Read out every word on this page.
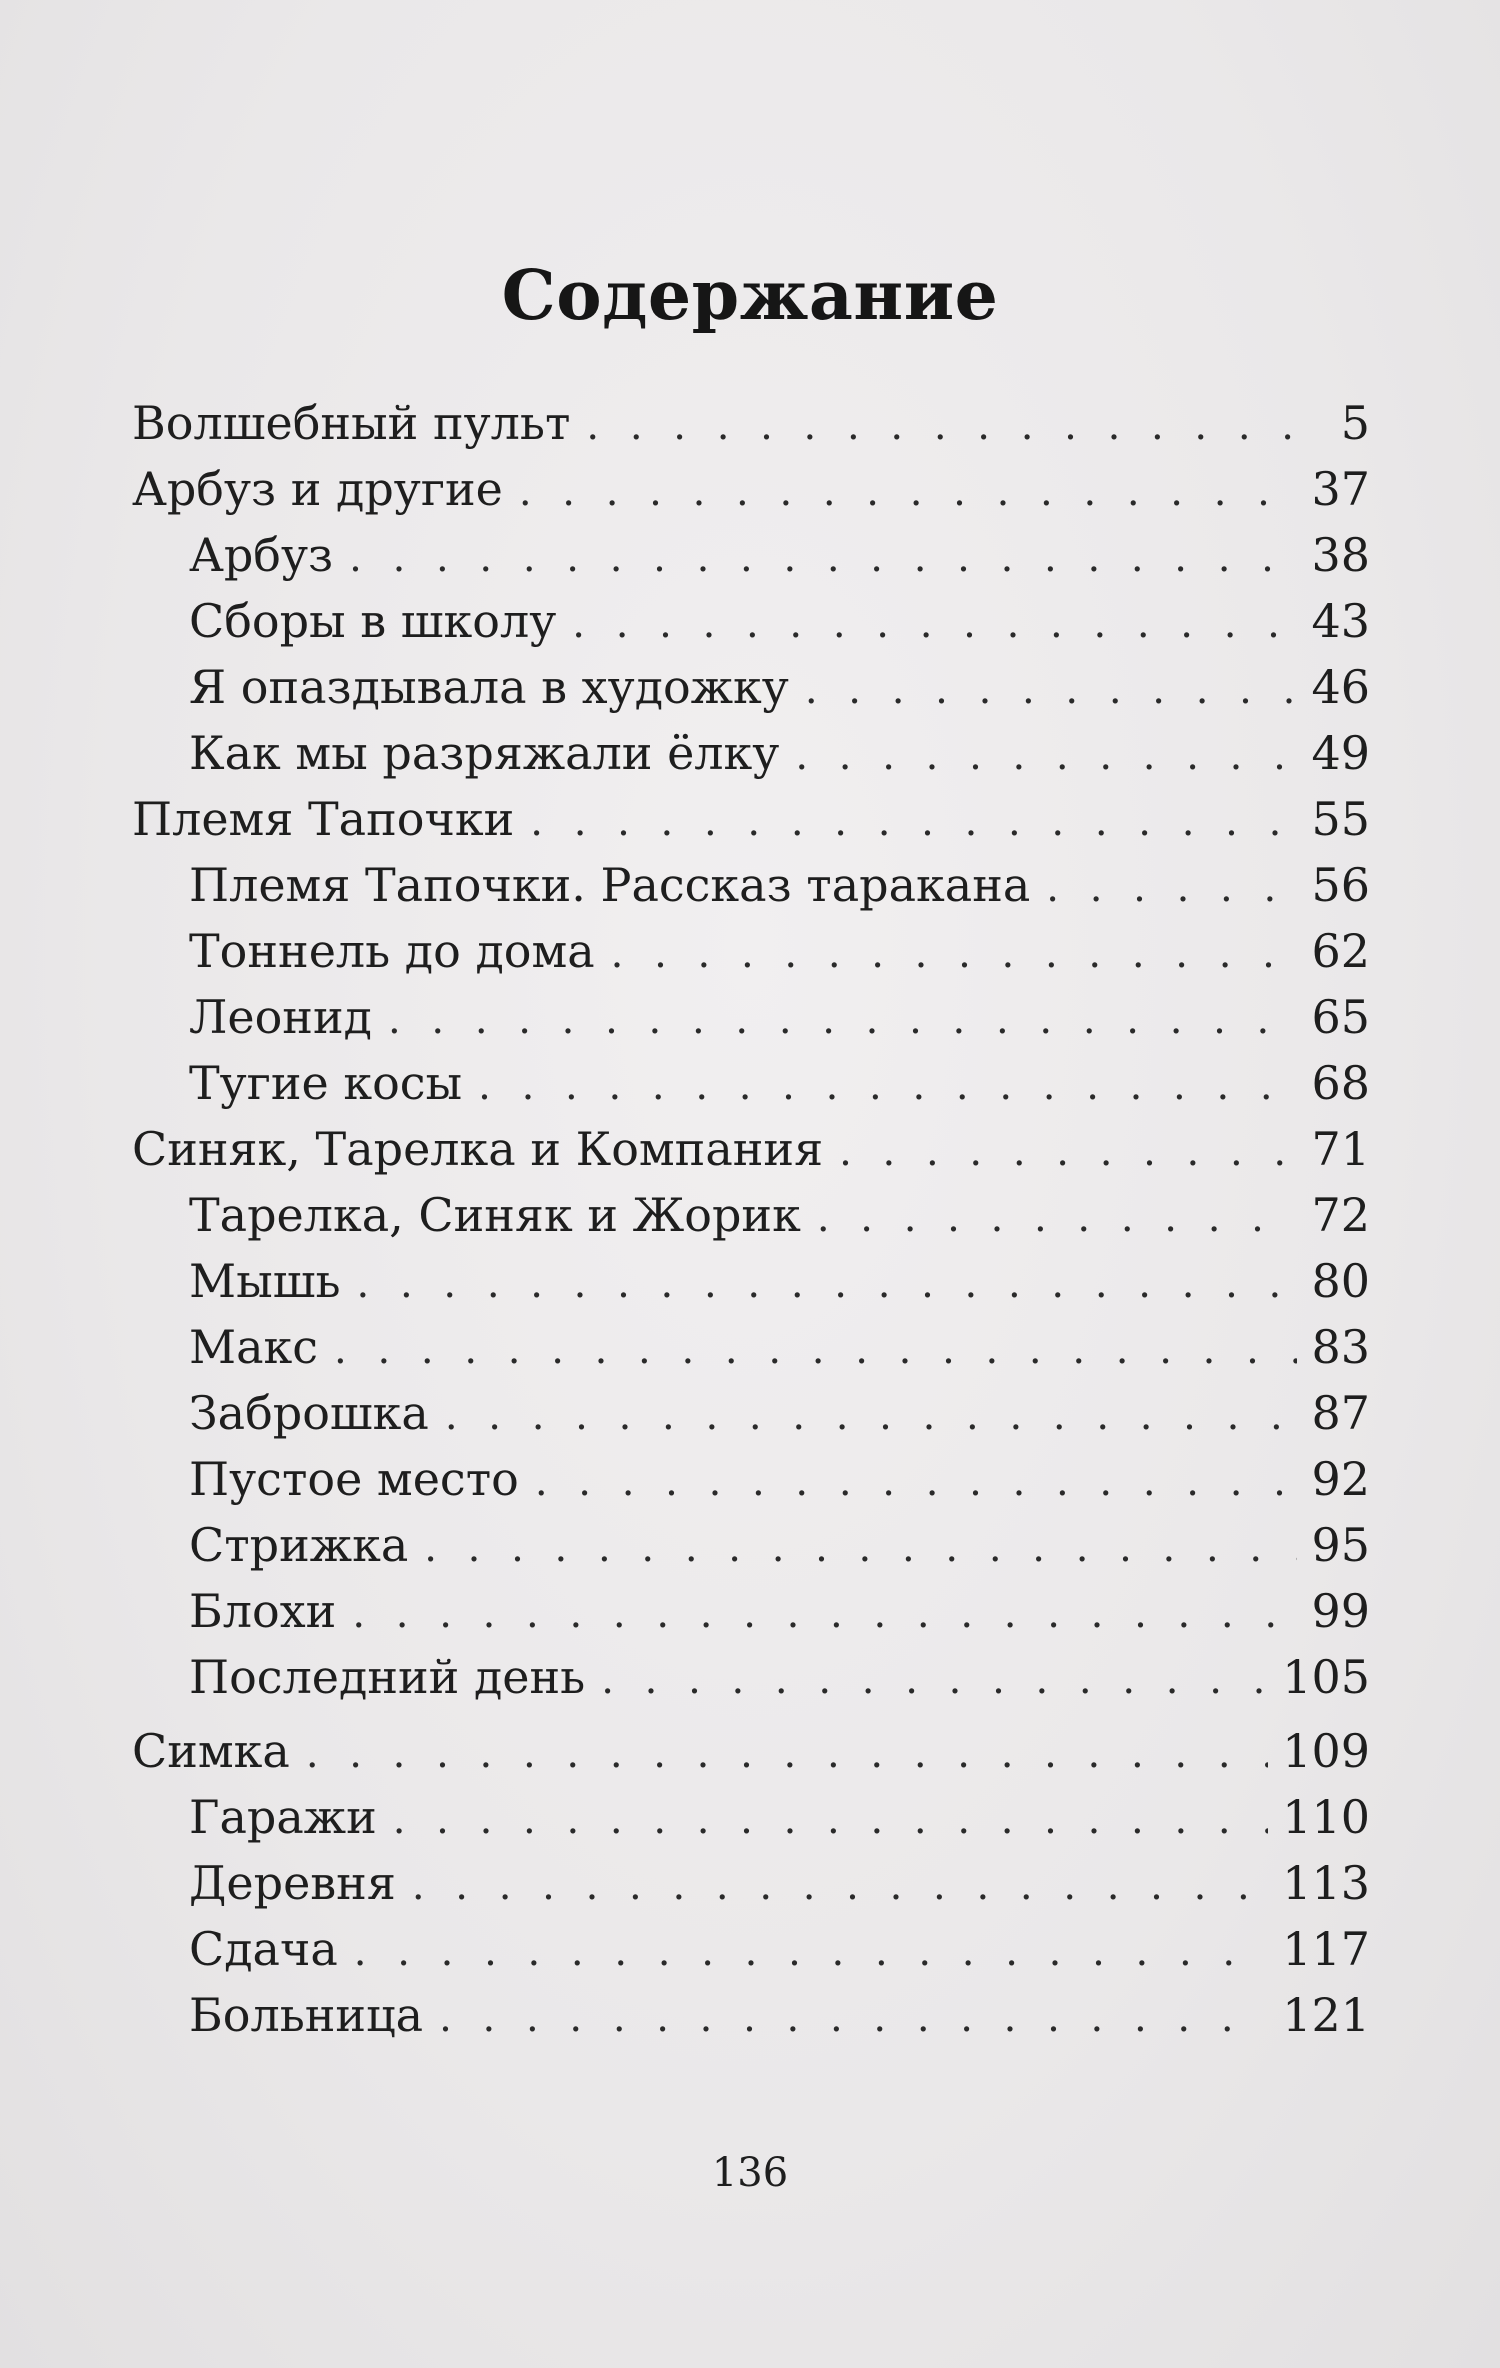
Содержание
Волшебный пульт . . .	5
Арбуз и другие . . .	37
Арбуз . . .	38
Сборы в школу . . .	43
Я опаздывала в художку . . .	46
Как мы разряжали ёлку . . .	49
Племя Тапочки . . .	55
Племя Тапочки. Рассказ таракана . . .	56
Тоннель до дома . . .	62
Леонид . . .	65
Тугие косы . . .	68
Синяк, Тарелка и Компания . . .	71
Тарелка, Синяк и Жорик . . .	72
Мышь . . .	80
Макс . . .	83
Заброшка . . .	87
Пустое место . . .	92
Стрижка . . .	95
Блохи . . .	99
Последний день . . .	105
Симка . . .	109
Гаражи . . .	110
Деревня . . .	113
Сдача . . .	117
Больница . . .	121
136
